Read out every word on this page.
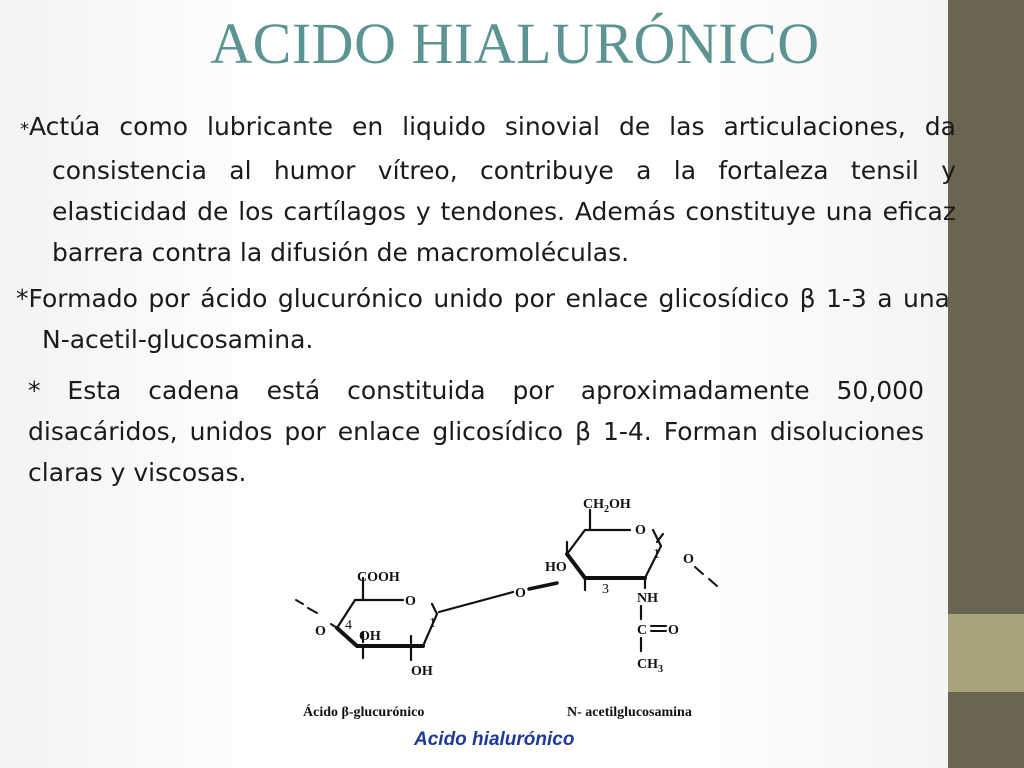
ACIDO HIALURÓNICO

*Actúa como lubricante en liquido sinovial de las articulaciones, da consistencia al humor vítreo, contribuye a la fortaleza tensil y elasticidad de los cartílagos y tendones. Además constituye una eficaz barrera contra la difusión de macromoléculas.

*Formado por ácido glucurónico unido por enlace glicosídico β 1-3 a una N-acetil-glucosamina.

* Esta cadena está constituida por aproximadamente 50,000 disacáridos, unidos por enlace glicosídico β 1-4. Forman disoluciones claras y viscosas.

COOH
O
O 4	1
OH
OH
O
$CH_2OH$
O
1 O
HO
3
NH
C O
$CH_3$
Ácido β-glucurónico	N- acetilglucosamina
Acido hialurónico
